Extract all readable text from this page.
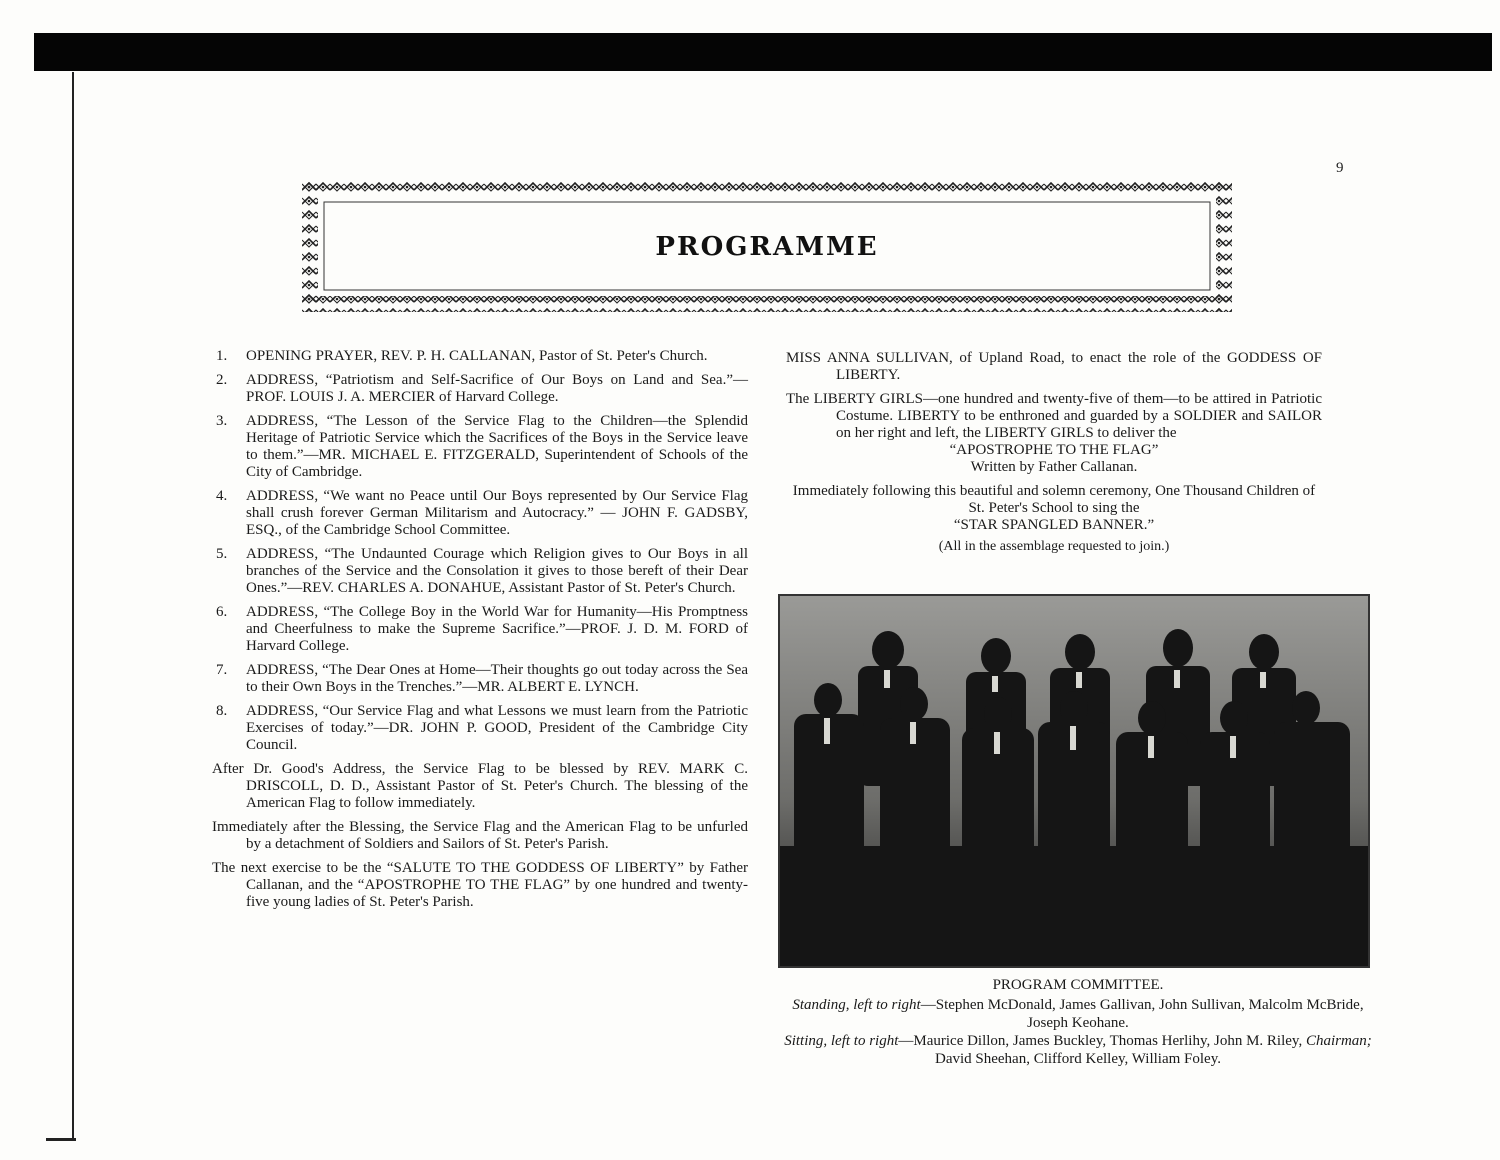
9
PROGRAMME
1. OPENING PRAYER, REV. P. H. CALLANAN, Pastor of St. Peter's Church.
2. ADDRESS, “Patriotism and Self-Sacrifice of Our Boys on Land and Sea.”—PROF. LOUIS J. A. MERCIER of Harvard College.
3. ADDRESS, “The Lesson of the Service Flag to the Children—the Splendid Heritage of Patriotic Service which the Sacrifices of the Boys in the Service leave to them.”—MR. MICHAEL E. FITZGERALD, Superintendent of Schools of the City of Cambridge.
4. ADDRESS, “We want no Peace until Our Boys represented by Our Service Flag shall crush forever German Militarism and Autocracy.” — JOHN F. GADSBY, ESQ., of the Cambridge School Committee.
5. ADDRESS, “The Undaunted Courage which Religion gives to Our Boys in all branches of the Service and the Consolation it gives to those bereft of their Dear Ones.”—REV. CHARLES A. DONAHUE, Assistant Pastor of St. Peter's Church.
6. ADDRESS, “The College Boy in the World War for Humanity—His Promptness and Cheerfulness to make the Supreme Sacrifice.”—PROF. J. D. M. FORD of Harvard College.
7. ADDRESS, “The Dear Ones at Home—Their thoughts go out today across the Sea to their Own Boys in the Trenches.”—MR. ALBERT E. LYNCH.
8. ADDRESS, “Our Service Flag and what Lessons we must learn from the Patriotic Exercises of today.”—DR. JOHN P. GOOD, President of the Cambridge City Council.
After Dr. Good's Address, the Service Flag to be blessed by REV. MARK C. DRISCOLL, D. D., Assistant Pastor of St. Peter's Church. The blessing of the American Flag to follow immediately.
Immediately after the Blessing, the Service Flag and the American Flag to be unfurled by a detachment of Soldiers and Sailors of St. Peter's Parish.
The next exercise to be the “SALUTE TO THE GODDESS OF LIBERTY” by Father Callanan, and the “APOSTROPHE TO THE FLAG” by one hundred and twenty-five young ladies of St. Peter's Parish.
MISS ANNA SULLIVAN, of Upland Road, to enact the role of the GODDESS OF LIBERTY.
The LIBERTY GIRLS—one hundred and twenty-five of them—to be attired in Patriotic Costume. LIBERTY to be enthroned and guarded by a SOLDIER and SAILOR on her right and left, the LIBERTY GIRLS to deliver the
“APOSTROPHE TO THE FLAG”
Written by Father Callanan.
Immediately following this beautiful and solemn ceremony, One Thousand Children of St. Peter's School to sing the
“STAR SPANGLED BANNER.”
(All in the assemblage requested to join.)
PROGRAM COMMITTEE.
Standing, left to right—Stephen McDonald, James Gallivan, John Sullivan, Malcolm McBride, Joseph Keohane.
Sitting, left to right—Maurice Dillon, James Buckley, Thomas Herlihy, John M. Riley, Chairman; David Sheehan, Clifford Kelley, William Foley.
